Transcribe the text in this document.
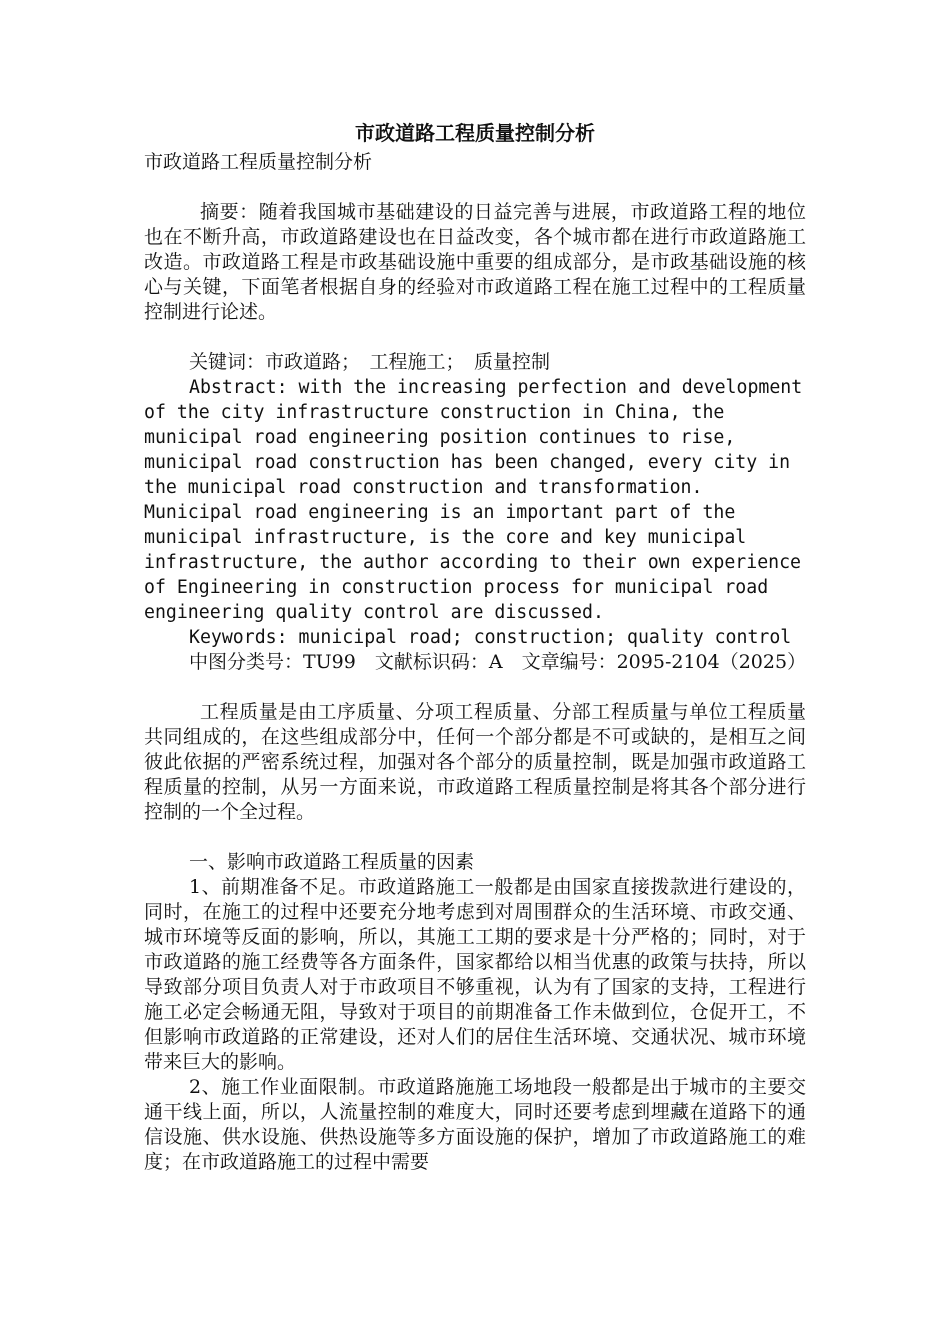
市政道路工程质量控制分析

市政道路工程质量控制分析

摘要：随着我国城市基础建设的日益完善与进展，市政道路工程的地位也在不断升高，市政道路建设也在日益改变，各个城市都在进行市政道路施工改造。市政道路工程是市政基础设施中重要的组成部分，是市政基础设施的核心与关键，下面笔者根据自身的经验对市政道路工程在施工过程中的工程质量控制进行论述。

关键词：市政道路；　工程施工；　质量控制

Abstract: with the increasing perfection and development of the city infrastructure construction in China, the municipal road engineering position continues to rise, municipal road construction has been changed, every city in the municipal road construction and transformation. Municipal road engineering is an important part of the municipal infrastructure, is the core and key municipal infrastructure, the author according to their own experience of Engineering in construction process for municipal road engineering quality control are discussed.

Keywords: municipal road; construction; quality control

中图分类号：TU99　文献标识码：A　文章编号：2095-2104（2025）

工程质量是由工序质量、分项工程质量、分部工程质量与单位工程质量共同组成的，在这些组成部分中，任何一个部分都是不可或缺的，是相互之间彼此依据的严密系统过程，加强对各个部分的质量控制，既是加强市政道路工程质量的控制，从另一方面来说，市政道路工程质量控制是将其各个部分进行控制的一个全过程。

一、影响市政道路工程质量的因素

1、前期准备不足。市政道路施工一般都是由国家直接拨款进行建设的，同时，在施工的过程中还要充分地考虑到对周围群众的生活环境、市政交通、城市环境等反面的影响，所以，其施工工期的要求是十分严格的；同时，对于市政道路的施工经费等各方面条件，国家都给以相当优惠的政策与扶持，所以导致部分项目负责人对于市政项目不够重视，认为有了国家的支持，工程进行施工必定会畅通无阻，导致对于项目的前期准备工作未做到位，仓促开工，不但影响市政道路的正常建设，还对人们的居住生活环境、交通状况、城市环境带来巨大的影响。

2、施工作业面限制。市政道路施施工场地段一般都是出于城市的主要交通干线上面，所以，人流量控制的难度大，同时还要考虑到埋藏在道路下的通信设施、供水设施、供热设施等多方面设施的保护，增加了市政道路施工的难度；在市政道路施工的过程中需要
